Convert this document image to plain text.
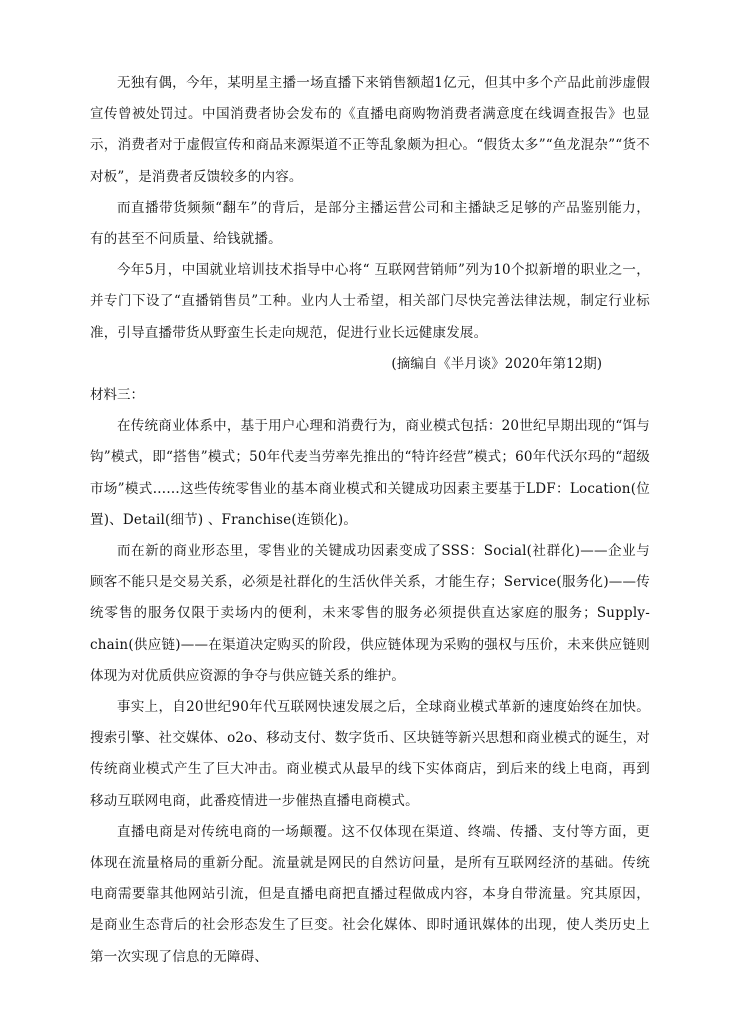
无独有偶，今年，某明星主播一场直播下来销售额超1亿元，但其中多个产品此前涉虚假宣传曾被处罚过。中国消费者协会发布的《直播电商购物消费者满意度在线调查报告》也显示，消费者对于虚假宣传和商品来源渠道不正等乱象颇为担心。“假货太多”“鱼龙混杂”“货不对板”，是消费者反馈较多的内容。

而直播带货频频“翻车”的背后，是部分主播运营公司和主播缺乏足够的产品鉴别能力，有的甚至不问质量、给钱就播。

今年5月，中国就业培训技术指导中心将“ 互联网营销师”列为10个拟新增的职业之一，并专门下设了“直播销售员”工种。业内人士希望，相关部门尽快完善法律法规，制定行业标准，引导直播带货从野蛮生长走向规范，促进行业长远健康发展。

(摘编自《半月谈》2020年第12期)

材料三：

在传统商业体系中，基于用户心理和消费行为，商业模式包括：20世纪早期出现的“饵与钩”模式，即“搭售”模式；50年代麦当劳率先推出的“特许经营”模式；60年代沃尔玛的“超级市场”模式……这些传统零售业的基本商业模式和关键成功因素主要基于LDF：Location(位置)、Detail(细节) 、Franchise(连锁化)。

而在新的商业形态里，零售业的关键成功因素变成了SSS：Social(社群化)——企业与顾客不能只是交易关系，必须是社群化的生活伙伴关系，才能生存；Service(服务化)——传统零售的服务仅限于卖场内的便利，未来零售的服务必须提供直达家庭的服务；Supply-chain(供应链)——在渠道决定购买的阶段，供应链体现为采购的强权与压价，未来供应链则体现为对优质供应资源的争夺与供应链关系的维护。

事实上，自20世纪90年代互联网快速发展之后，全球商业模式革新的速度始终在加快。搜索引擎、社交媒体、o2o、移动支付、数字货币、区块链等新兴思想和商业模式的诞生，对传统商业模式产生了巨大冲击。商业模式从最早的线下实体商店，到后来的线上电商，再到移动互联网电商，此番疫情进一步催热直播电商模式。

直播电商是对传统电商的一场颠覆。这不仅体现在渠道、终端、传播、支付等方面，更体现在流量格局的重新分配。流量就是网民的自然访问量，是所有互联网经济的基础。传统电商需要靠其他网站引流，但是直播电商把直播过程做成内容，本身自带流量。究其原因，是商业生态背后的社会形态发生了巨变。社会化媒体、即时通讯媒体的出现，使人类历史上第一次实现了信息的无障碍、
